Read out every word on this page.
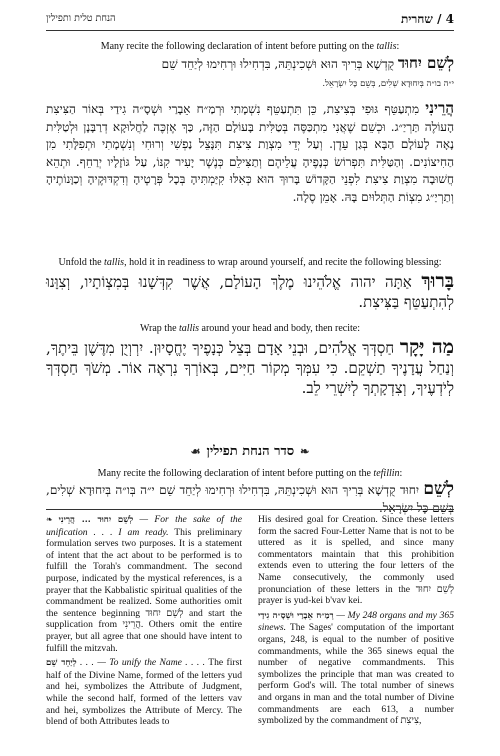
4 / שחרית
הנחת טלית ותפילין
Many recite the following declaration of intent before putting on the tallis:
לְשֵׁם יִחוּד קֻדְשָׁא בְּרִיךְ הוּא וּשְׁכִינְתֵּהּ, בִּדְחִילוּ וּרְחִימוּ לְיַחֵד שֵׁם
י״ה בו״ה בְּיִחוּדָא שְׁלִים, בְּשֵׁם כָּל יִשְׂרָאֵל.
הֲרֵינִי מִתְעַטֵּף גּוּפִי בְּצִיצִת, כֵּן תִּתְעַטֵּף נִשְׁמָתִי וּרְמַ״ח אֵבָרַי וּשְׁסָ״ה גִידַי בְּאוֹר הַצִּיצִת הָעוֹלֶה תַּרְיַ״ג. וּכְשֵׁם שֶׁאֲנִי מִתְכַּסֶּה בְּטַלִּית בָּעוֹלָם הַזֶּה, כַּךְ אֶזְכֶּה לַחֲלוּקָא דְרַבָּנָן וּלְטַלִּית נָאָה לָעוֹלָם הַבָּא בְּגַן עֵדֶן. וְעַל יְדֵי מִצְוַת צִיצִת תִּנָּצֵל נַפְשִׁי וְרוּחִי וְנִשְׁמָתִי וּתְפִלָּתִי מִן הַחִיצוֹנִים. וְהַטַּלִּית תִּפְרוֹשׂ כְּנָפֶיהָ עֲלֵיהֶם וְתַצִּילֵם כְּנֶשֶׁר יָעִיר קִנּוֹ, עַל גּוֹזָלָיו יְרַחֵף. וּתְהֵא חֲשׁוּבָה מִצְוַת צִיצִת לִפְנֵי הַקָּדוֹשׁ בָּרוּךְ הוּא כְּאִלּוּ קִיַּמְתִּיהָ בְּכָל פְּרָטֶיהָ וְדִקְדּוּקֶיהָ וְכַוָּנוֹתֶיהָ וְתַרְיַ״ג מִצְוֹת הַתְּלוּיִם בָּהּ. אָמֵן סֶלָה.
Unfold the tallis, hold it in readiness to wrap around yourself, and recite the following blessing:
בָּרוּךְ אַתָּה יהוה אֱלֹהֵינוּ מֶלֶךְ הָעוֹלָם, אֲשֶׁר קִדְּשָׁנוּ בְּמִצְוֹתָיו, וְצִוָּנוּ לְהִתְעַטֵּף בַּצִּיצִת.
Wrap the tallis around your head and body, then recite:
מַה יָּקָר חַסְדְּךָ אֱלֹהִים, וּבְנֵי אָדָם בְּצֵל כְּנָפֶיךָ יֶחֱסָיוּן. יִרְוְיֻן מִדֶּשֶׁן בֵּיתֶךָ, וְנַחַל עֲדָנֶיךָ תַשְׁקֵם. כִּי עִמְּךָ מְקוֹר חַיִּים, בְּאוֹרְךָ נִרְאֶה אוֹר. מְשֹׁךְ חַסְדְּךָ לְיֹדְעֶיךָ, וְצִדְקָתְךָ לְיִשְׁרֵי לֵב.
❧סדר הנחת תפילין☙
Many recite the following declaration of intent before putting on the tefillin:
לְשֵׁם יִחוּד קֻדְשָׁא בְּרִיךְ הוּא וּשְׁכִינְתֵּהּ, בִּדְחִילוּ וּרְחִימוּ לְיַחֵד שֵׁם י״ה בְּו״ה בְּיִחוּדָא שְׁלִים, בְּשֵׁם כָּל יִשְׂרָאֵל.

❧ לְשֵׁם יִחוּד ... הֲרֵינִי — For the sake of the unification . . . I am ready. This preliminary formulation serves two purposes. It is a statement of intent that the act about to be performed is to fulfill the Torah's commandment. The second purpose, indicated by the mystical references, is a prayer that the Kabbalistic spiritual qualities of the commandment be realized. Some authorities omit the sentence beginning לְשֵׁם יִחוּד and start the supplication from הֲרֵינִי. Others omit the entire prayer, but all agree that one should have intent to fulfill the mitzvah.

לְיַחֵד שֵׁם . . . — To unify the Name . . . . The first half of the Divine Name, formed of the letters yud and hei, symbolizes the Attribute of Judgment, while the second half, formed of the letters vav and hei, symbolizes the Attribute of Mercy. The blend of both Attributes leads to

His desired goal for Creation. Since these letters form the sacred Four-Letter Name that is not to be uttered as it is spelled, and since many commentators maintain that this prohibition extends even to uttering the four letters of the Name consecutively, the commonly used pronunciation of these letters in the לְשֵׁם יִחוּד prayer is yud-kei b'vav kei.

רְמַ״ח אֵבָרַי וּשְׁסָ״ה גִידַי — My 248 organs and my 365 sinews. The Sages' computation of the important organs, 248, is equal to the number of positive commandments, while the 365 sinews equal the number of negative commandments. This symbolizes the principle that man was created to perform God's will. The total number of sinews and organs in man and the total number of Divine commandments are each 613, a number symbolized by the commandment of צִיצִת,
